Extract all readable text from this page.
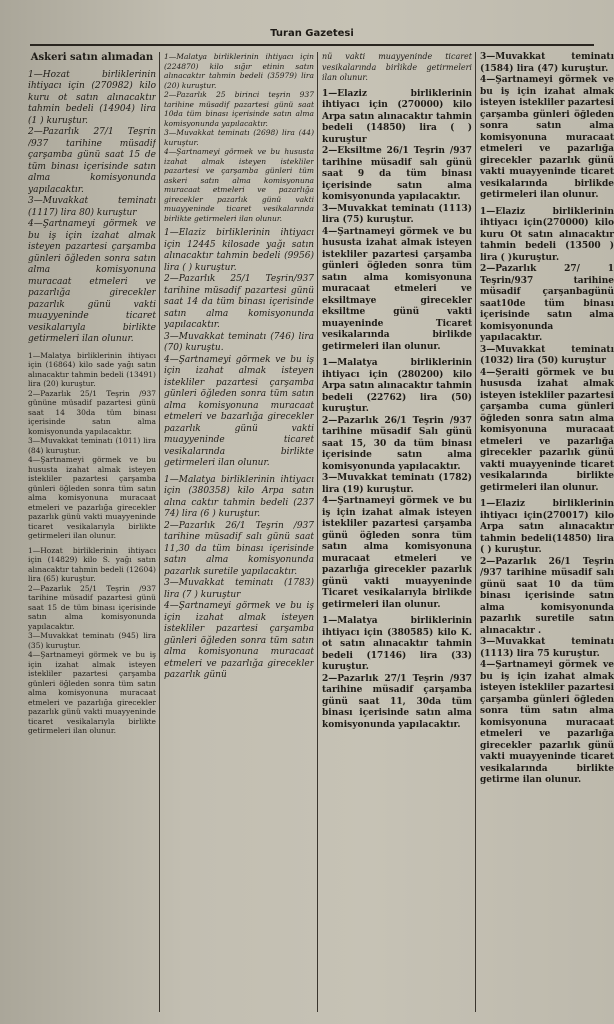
Turan Gazetesi
Askeri satın alımadan

1—Hozat birliklerinin ihtiyacı için (270982) kilo kuru ot satın alınacaktır tahmin bedeli (14904) lira (1 ) kuruştur.
2—Pazarlık 27/1 Teşrin /937 tarihine müsadif çarşamba günü saat 15 de tüm binası içerisinde satın alma komisyonunda yapılacaktır.
3—Muvakkat teminatı (1117) lira 80) kuruştur
4—Şartnameyi görmek ve bu iş için izahat almak isteyen pazartesi çarşamba günleri öğleden sonra satın alma komisyonuna muracaat etmeleri ve pazarlığa girecekler pazarlık günü vakti muayyeninde ticaret vesikalarıyla birlikte getirmeleri ilan olunur.

1—Malatya birliklerinin ihtiyacı için (16864) kilo sade yağı satın alınacaktır tahmin bedeli (13491) lira (20) kuruştur.
2—Pazarlık 25/1 Teşrin /937 gününe müsadif pazartesi günü saat 14 30da tüm binası içerisinde satın alma komisyonunda yapılacaktır.
3—Muvakkat teminatı (1011) lira (84) kuruştur.
4—Şartnameyi görmek ve bu hususta izahat almak isteyen istekliler pazartesi çarşamba günleri öğleden sonra tüm satın alma komisyonuna muracaat etmeleri ve pazarlığa girecekler pazarlık günü vakti muayyeninde ticaret vesikalarıyla birlikte getirmeleri ilan olunur.

1—Hozat birliklerinin ihtiyacı için (14829) kilo S. yağı satın alınacaktır tahmin bedeli (12604) lira (65) kuruştur.
2—Pazarlık 25/1 Teşrin /937 tarihine müsadif pazartesi günü saat 15 de tüm binası içerisinde satın alma komisyonunda yapılacaktır.
3—Muvakkat teminatı (945) lira (35) kuruştur.
4—Şartnameyi görmek ve bu iş için izahat almak isteyen istekliler pazartesi çarşamba günleri öğleden sonra tüm satın alma komisyonuna muracaat etmeleri ve pazarlığa girecekler pazarlık günü vakti muayyeninde ticaret vesikalarıyla birlikte getirmeleri ilan olunur.

1—Malatya birliklerinin ihtiyacı için (224870) kilo sığır etinin satın alınacaktır tahmin bedeli (35979) lira (20) kuruştur.
2—Pazarlık 25 birinci teşrin 937 tarihine müsadif pazartesi günü saat 10da tüm binası içerisinde satın alma komisyonunda yapılacaktır.
3—Muvakkat teminatı (2698) lira (44) kuruştur.
4—Şartnameyi görmek ve bu hususta izahat almak isteyen istekliler pazartesi ve çarşamba günleri tüm askeri satın alma komisyonuna muracaat etmeleri ve pazarlığa girecekler pazarlık günü vakti muayyeninde ticaret vesikalarında birlikte getirmeleri ilan olunur.

1—Elaziz birliklerinin ihtiyacı için 12445 kilosade yağı satın alınacaktır tahmin bedeli (9956) lira ( ) kuruştur.
2—Pazarlık 25/1 Teşrin/937 tarihine müsadif pazartesi günü saat 14 da tüm binası içerisinde satın alma komisyonunda yapılacaktır.
3—Muvakkat teminatı (746) lira (70) kuruştu.
4—Şartnameyi görmek ve bu iş için izahat almak isteyen istekliler pazartesi çarşamba günleri öğleden sonra tüm satın alma komisyonuna muracaat etmeleri ve bazarlığa girecekler pazarlık günü vakti muayyeninde ticaret vesikalarında birlikte getirmeleri ilan olunur.

1—Malatya birliklerinin ihtiyacı için (380358) kilo Arpa satın alına caktır tahmin bedeli (237 74) lira (6 ) kuruştur.
2—Pazarlık 26/1 Teşrin /937 tarihine müsadif salı günü saat 11,30 da tüm binası içerisinde satın alma komisyonunda pazarlık suretile yapılacaktır.
3—Muvakkat teminatı (1783) lira (7 ) kuruştur
4—Şartnameyi görmek ve bu iş için izahat almak isteyen istekliler pazartesi çarşamba günleri öğleden sonra tüm satın alma komisyonuna muracaat etmeleri ve pazarlığa girecekler pazarlık günü

nü vakti muayyeninde ticaret vesikalarında birlikde getirmeleri ilan olunur.

1—Elaziz birliklerinin ihtiyacı için (270000) kilo Arpa satın alınacaktır tahmin bedeli (14850) lira ( ) kuruştur
2—Eksiltme 26/1 Teşrin /937 tarihine müsadif salı günü saat 9 da tüm binası içerisinde satın alma komisyonunda yapılacaktır.
3—Muvakkat teminatı (1113) lira (75) kuruştur.
4—Şartnameyi görmek ve bu hususta izahat almak isteyen istekliler pazartesi çarşamba günleri öğleden sonra tüm satın alma komisyonuna muracaat etmeleri ve eksiltmaye girecekler eksiltme günü vakti muayeninde Ticaret vesikalarında birlikde getirmeleri ilan olunur.

1—Malatya birliklerinin ihtiyacı için (280200) kilo Arpa satın alınacaktır tahmin bedeli (22762) lira (50) kuruştur.
2—Pazarlık 26/1 Teşrin /937 tarihine müsadif Salı günü saat 15, 30 da tüm binası içerisinde satın alma komisyonunda yapılacaktır.
3—Muvakkat teminatı (1782) lira (19) kuruştur.
4—Şartnameyi görmek ve bu iş için izahat almak isteyen istekliler pazartesi çarşamba günü öğleden sonra tüm satın alma komisyonuna muracaat etmeleri ve pazarlığa girecekler pazarlık günü vakti muayyeninde Ticaret vesikalarıyla birlikde getirmeleri ilan olunur.

1—Malatya birliklerinin ihtiyacı için (380585) kilo K. ot satın alınacaktır tahmin bedeli (17146) lira (33) kuruştur.
2—Pazarlık 27/1 Teşrin /937 tarihine müsadif çarşamba günü saat 11, 30da tüm binası içerisinde satın alma komisyonunda yapılacaktır.

3—Muvakkat teminatı (1584) lira (47) kuruştur.
4—Şartnameyi görmek ve bu iş için izahat almak isteyen istekliler pazartesi çarşamba günleri öğleden sonra satın alma komisyonuna muracaat etmeleri ve pazarlığa girecekler pazarlık günü vakti muayyeninde ticaret vesikalarında birlikde getirmeleri ilan olunur.

1—Elaziz birliklerinin ihtiyacı için(270000) kilo kuru Ot satın alınacaktır tahmin bedeli (13500 ) lira ( )kuruştur.
2—Pazarlık 27/ 1 Teşrin/937 tarihine müsadif çarşanbagünü saat10de tüm binası içerisinde satın alma komisyonunda yapılacaktır.
3—Muvakkat teminatı (1032) lira (50) kuruştur
4—Şeraiti görmek ve bu hususda izahat almak isteyen istekliler pazartesi çarşamba cuma günleri öğleden sonra satın alma komisyonuna muracaat etmeleri ve pazarlığa girecekler pazarlık günü vakti muayyeninde ticaret vesikalarında birlikte getirmeleri ilan olunur.

1—Elaziz birliklerinin ihtiyacı için(270017) kilo Arpa satın alınacaktır tahmin bedeli(14850) lira ( ) kuruştur.
2—Pazarlık 26/1 Teşrin /937 tarihine müsadif salı günü saat 10 da tüm binası içerisinde satın alma komisyonunda pazarlık suretile satın alınacaktır .
3—Muvakkat teminatı (1113) lira 75 kuruştur.
4—Şartnameyi görmek ve bu iş için izahat almak isteyen istekliler pazartesi çarşamba günleri öğleden sonra tüm satın alma komisyonuna muracaat etmeleri ve pazarlığa girecekler pazarlık günü vakti muayyeninde ticaret vesikalarında birlikte getirme ilan olunur.
